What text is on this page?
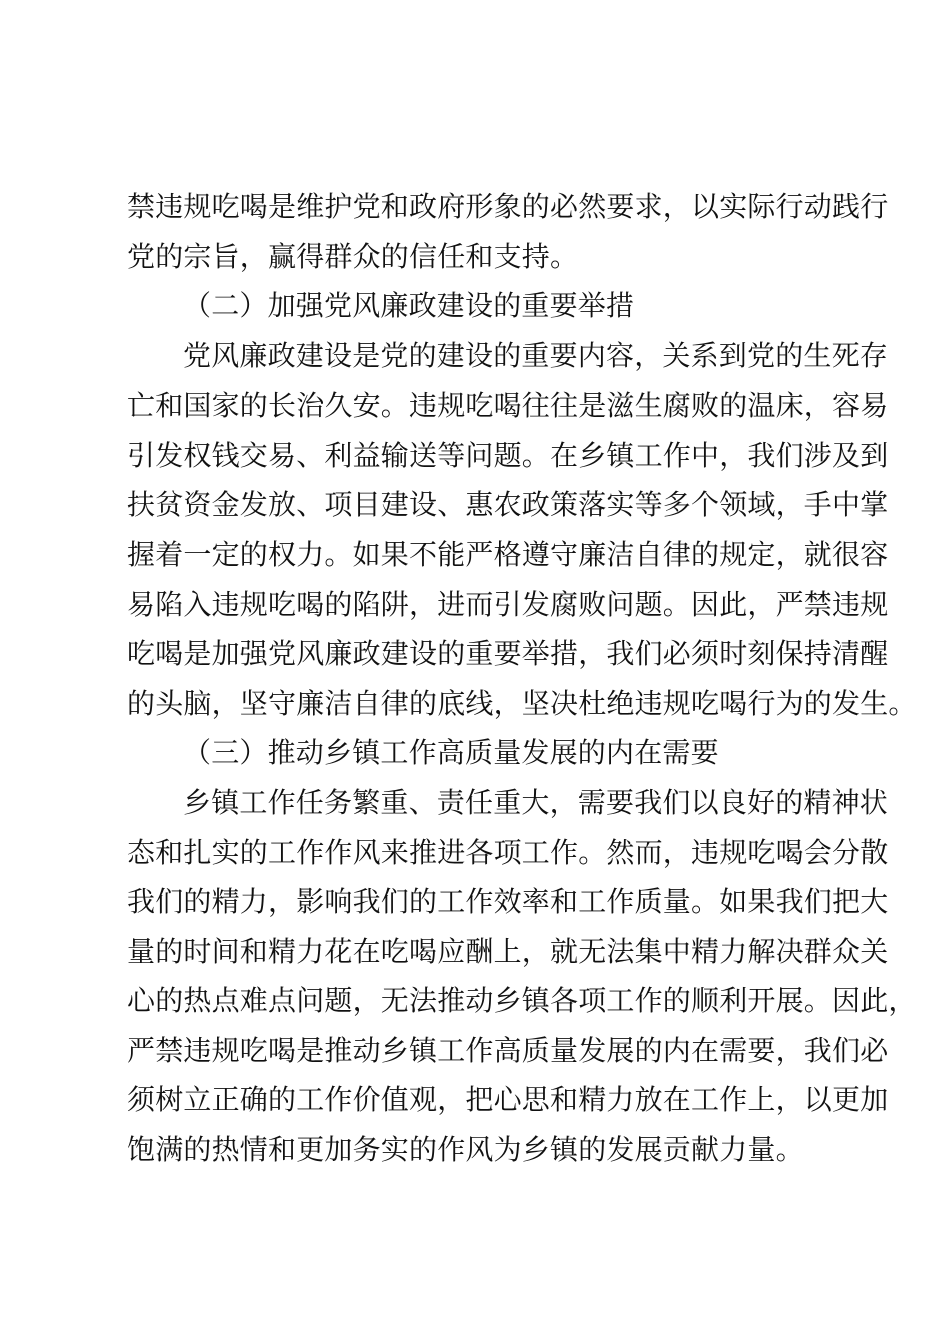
禁违规吃喝是维护党和政府形象的必然要求，以实际行动践行
党的宗旨，赢得群众的信任和支持。
（二）加强党风廉政建设的重要举措
党风廉政建设是党的建设的重要内容，关系到党的生死存
亡和国家的长治久安。违规吃喝往往是滋生腐败的温床，容易
引发权钱交易、利益输送等问题。在乡镇工作中，我们涉及到
扶贫资金发放、项目建设、惠农政策落实等多个领域，手中掌
握着一定的权力。如果不能严格遵守廉洁自律的规定，就很容
易陷入违规吃喝的陷阱，进而引发腐败问题。因此，严禁违规
吃喝是加强党风廉政建设的重要举措，我们必须时刻保持清醒
的头脑，坚守廉洁自律的底线，坚决杜绝违规吃喝行为的发生。
（三）推动乡镇工作高质量发展的内在需要
乡镇工作任务繁重、责任重大，需要我们以良好的精神状
态和扎实的工作作风来推进各项工作。然而，违规吃喝会分散
我们的精力，影响我们的工作效率和工作质量。如果我们把大
量的时间和精力花在吃喝应酬上，就无法集中精力解决群众关
心的热点难点问题，无法推动乡镇各项工作的顺利开展。因此，
严禁违规吃喝是推动乡镇工作高质量发展的内在需要，我们必
须树立正确的工作价值观，把心思和精力放在工作上，以更加
饱满的热情和更加务实的作风为乡镇的发展贡献力量。
